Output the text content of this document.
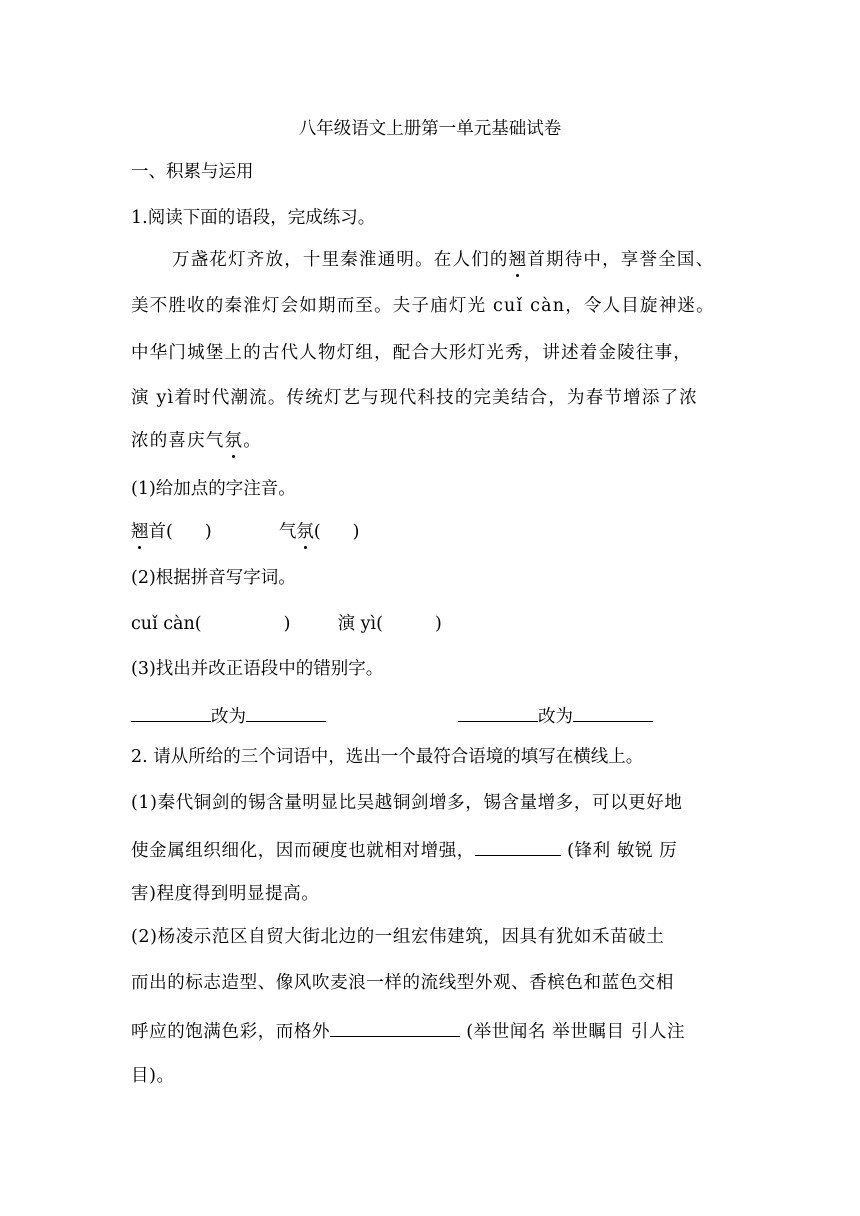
八年级语文上册第一单元基础试卷
一、积累与运用
1.阅读下面的语段，完成练习。
万盏花灯齐放，十里秦淮通明。在人们的翘首期待中，享誉全国、
美不胜收的秦淮灯会如期而至。夫子庙灯光 cuǐ càn，令人目旋神迷。
中华门城堡上的古代人物灯组，配合大形灯光秀，讲述着金陵往事，
演 yì着时代潮流。传统灯艺与现代科技的完美结合，为春节增添了浓
浓的喜庆气氛。
(1)给加点的字注音。
翘首( )	气氛( )
(2)根据拼音写字词。
cuǐ càn(	)	演 yì(	)
(3)找出并改正语段中的错别字。
改为	改为
2. 请从所给的三个词语中，选出一个最符合语境的填写在横线上。
(1)秦代铜剑的锡含量明显比吴越铜剑增多，锡含量增多，可以更好地
使金属组织细化，因而硬度也就相对增强，	(锋利 敏锐 厉
害)程度得到明显提高。
(2)杨凌示范区自贸大街北边的一组宏伟建筑，因具有犹如禾苗破土
而出的标志造型、像风吹麦浪一样的流线型外观、香槟色和蓝色交相
呼应的饱满色彩，而格外	(举世闻名 举世瞩目 引人注
目)。
